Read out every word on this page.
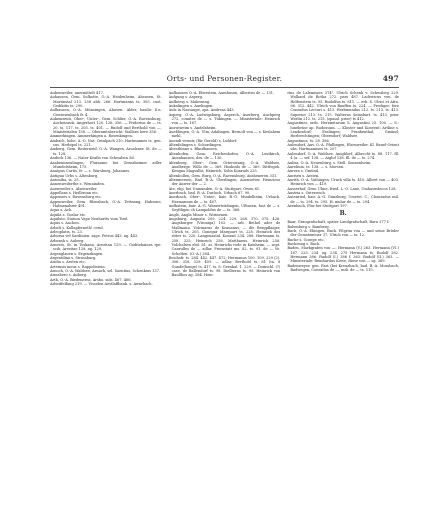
Orts- und Personen-Register.	497

Aubenweiler, unermittelt 417.

Auhausen, Gem. Sulkotte, O.-A. Heidenheim, Aheusen, St. Martinstal 213. 258 abh. 266. Hartmanns ts. 305. cust. Gedikitis ts. 290.

Aulhausen, O.-A. Münsingen, Ahusen. Alder, basilic ß.n. Gewiesenbach fr. 4.

Aukemreuti, Oher-, Unter-, Gem. Schlier, O.-A. Ravensburg, Aucheinruti, Angerhort 120. 126. 356. — Friderius de — ts. 20. ts. 117. ts. 205. ts. 401. — Rudolf und Berthold von —, Ministerialen 158. — Oberamtsbericht. Siallern here 356.

Ammerkingen, Ammerhingen a. Rosenkingen.

Ambach, hohe. A.-O. Nat. Ostalpach 210. Hartmannes ts. gen. cus. Herbipol ts. 221.

Amberg, Gem. Reiterneid, O.-A. Wangen, Aruslsner. St. de — ts. 128.

Andeck 136. — Nater Krafts von Schwaben 5d.

Aaabeimneulingen, Flurname bei Grenzheimer adler Mundelsheim, 175.

Anatgus Curtis, fr. — s. Warsburg, Johannes.

Antigua Urbs s. Altenburg.

Antoniba, ts. 25.

Annenweilerthe s. Wenninden.

Auenweiler s. Alsenweiler.

Appellans s. Heilbronn etc.

Appenses s. Ravensburg etc.

Appenweiler, Gem. Blonsbach, O.-A. Tettnang, Habsone, Halmenahrer 491.

Aqua s. Ach.

Aquila s. Goslar etc.

Aquilsto, Station Vape Neuhartts vom Tirol.

Aquis s. Aachen.

Arbelt s. Kollapferneth! cerul.

Arleoplatis, ts. 23.

Arborsa vel Sardinien. sage. Petrus 443. ag. 443.

Arbensh s. Auberg.

Arnesto, St. in Toskana, Arezitan 129. — Goditehaines rpe. scib. Arezitae 128. ag. 129.

Argenglauen s. Ergenzlingen.

Argentilina s. Strassburg.

Aridia s. Arsten etc.

Artemsis meus s. Rappoltstein.

Arnoch, O.-A. Waldsee, Arnach, sel. Saentius, Schenkius 137.

Armsbero s. Auberg.

Arth, O.-A. Biedenerns, Arsbo. sids. 467. 466.

Arbeitfelfang 219. — Visselen Aestlaffbaub. s. Awnrbach.

Aufhausen O.-A. Eberstein, Aumhusen, Albertus de — 131.

Aufgung s. Asperg.

Aufheesy s. Mahrenng.

Aukalingen s. Auelingen.

Auls in Nassaupe, opa. Andreas 443.

Asperg, O.-A. Ludwigsburg, Asperch, Aserberg, Auchperg 272. comites de — s. Tübingen. — Ministeriale: Heinrich von — ts. 167.

Auswiweim s. Andelsheim.

Aueßlingen, O.-A. Ulm, Adalingen. Bernolt von — s. Keslahem mehl.

Auendi vermir, (für Gerold) s. Lufdorf.

Altenfelingen s. Schordingen.

Altesthinne s. Blindhausen.

Altenhofen, Gem. Reichenhofen, O.-A. Leutkirch, Auenhausen, des. de — 130.

Altenberg, Ober-, Gem. Otterswang, O.-A. Waldsee, Auslberge. Willo de — 369. Huskodo de — 369. Dittfegeh. Kengaa Magsallis, Heinrich, Sohn Konrads 225.

Altenbollen, Gem. Burg, O.-A. Ravensburg, Ausheneren 331.

Altenmersen, Bad. B.-A. Überlingen, Auensetter. Heinricus der Anwer der — 2.

Ate, ehp. bei Unmunden, O.-A. Stuttgart, Owen 61.

Auerbach, bad. B.-A. Durlach, Urbach 67. 90.

Auerbach, Ober-, Unter-, bair. B.-O. Mindelheim, Urbach. Hermannus de — ts. 407.

Aufhatein, bair. A.-G. Wasserträdingen, Ufhusen, fast de — s. Seyfiligen ch Lampoldus de — ts. 368.

Angle, Angla Minor s. Wirmenen.

Augsburg, Augusta 209. 224. 229. 268. 370. 375. 426. Augsburger (Vironiga) 102. — arb. Bethel ader de Mallmann. Volcmarus de Krauanus, — die Bergpflaiger, Ulrich ts. 205. Gonegar Marquart ts. 228. Heinrich der ritter ts. 220. Langenastal. Konrad 234. 288. Hartmann ts. 258. 325; Heinrich 258. Matthaeus. Heinrich 258. Volchalsen ebd. 81. at. Heinrichs rode in Kaisheim. — sept. Canrulles de — adlar. Frienstatt ms. 82. ts. 91. de — Ve. Schelten. (O.-A.) 264.

Reichsfr. ts. 284. 442. 447. 472; Hermanus 100. 109. 229 (2). 306. 318. 329. 459. — adlar. Berthold ts. 81 (ta. 8 Gunde(hange) ts. 417. ts. 8. Gernhal. 1. 229. — Domschl. (?) case. de Ballendorf ts. 98. Diellierns ts. 95. Heinrich von Baullhos ag. 284. Hein-

rius de Lalemnsee 374². Ulrich Schenk v. Schwabeg 229. Wolhard de Rotha 272. pars 487. Ladewicus von. de Helfenstein ts. 95. Rudolfus ts. 811. — erh. S. Ulrici et Afra. 96. 312. 442. Ulrich von Bauffen ts. 224. — Prediger: fere Conradus Lecturi s. 413. Herbmundus 212. ts. 213. ts. 413. Superior 213. ts. 215. Walterus Seinsbart. ts. 413. prior Werlin 212. ts. 215. (zpaud. prior) ts 412.

Augustiner, ords. Heremitarum S. Augustini 25. 100. — S.: lunebrine ap. Rudossum. — Kloster und Konvent: Artline s. Lendesdorf; Esslingen; Frankenthal, Gmünd; Herbrechtingen; Oberndorf; Waldsee.

Augustinus, ts. 28. 386.

Aulendorf, Auv. O.-A. Pfullingen, Elsenweiler. Kl. Beuel-Orient ubs. Hartmannses ts. 207.

Aulendorf, O.-A. Waldsee, Anighlorf, Albrecht ts. 88. 117. fll. 4 (a. — sef. 138. — Aiglof 138. fll. de — ts. 274.

Aulisa, O.-A. Neuenbürg, s. Stell. Sonnenheim.

Aurelium, ts. 138. — s. Morsen.

Aurera s. Gmünd.

Aurisen s. Arsten.

Aurith, O.-A. Vaihingen, Urach villa ts. 410. Albert von — 403. Heinrich von — 419.

Ausserhof, Gem. Ulme, fried. L.-O. Lane, Umhasusbicca 128.

Austria s. Osterreich.

Autenried, bair. A.-G. Günzburg, Umetet. C., Chonradus mil. de — ts. 294. ts. 295. H. mulur de — ts. 294.

Azenbach, Flur bei Stuttgart 197.

B.

Baar, Graugrafschaft, später Landgrafschaft, Bara 377 f.

Babenberg s. Bamberg.

Bach, O.-A. Ehingen, Bach. Filgrim von — und seine Brüder der Gemstemeier 37. Ulrich von — ts. 12.

Bache s. Gosepe etc.

Bachenag s. Bach.

Baden, Markgrafen von —: Hermann (V.) 263. Hermann (VI.) 167. 225. 234. ag. 234. 275 Hermann ts. Rudolf 282. Hermann 386. Rudolf (I.) 386 f. 363. Rudolf (II.) 363. — Ministeriale: Reinhardus Kiese, Riese von — sg. 369.

Badenweyer, gen. Fast (bei Kreuzbach, bad. B.-A. Mossbach, Badwegen, Conradus de —, mili. de — ts. 115.
